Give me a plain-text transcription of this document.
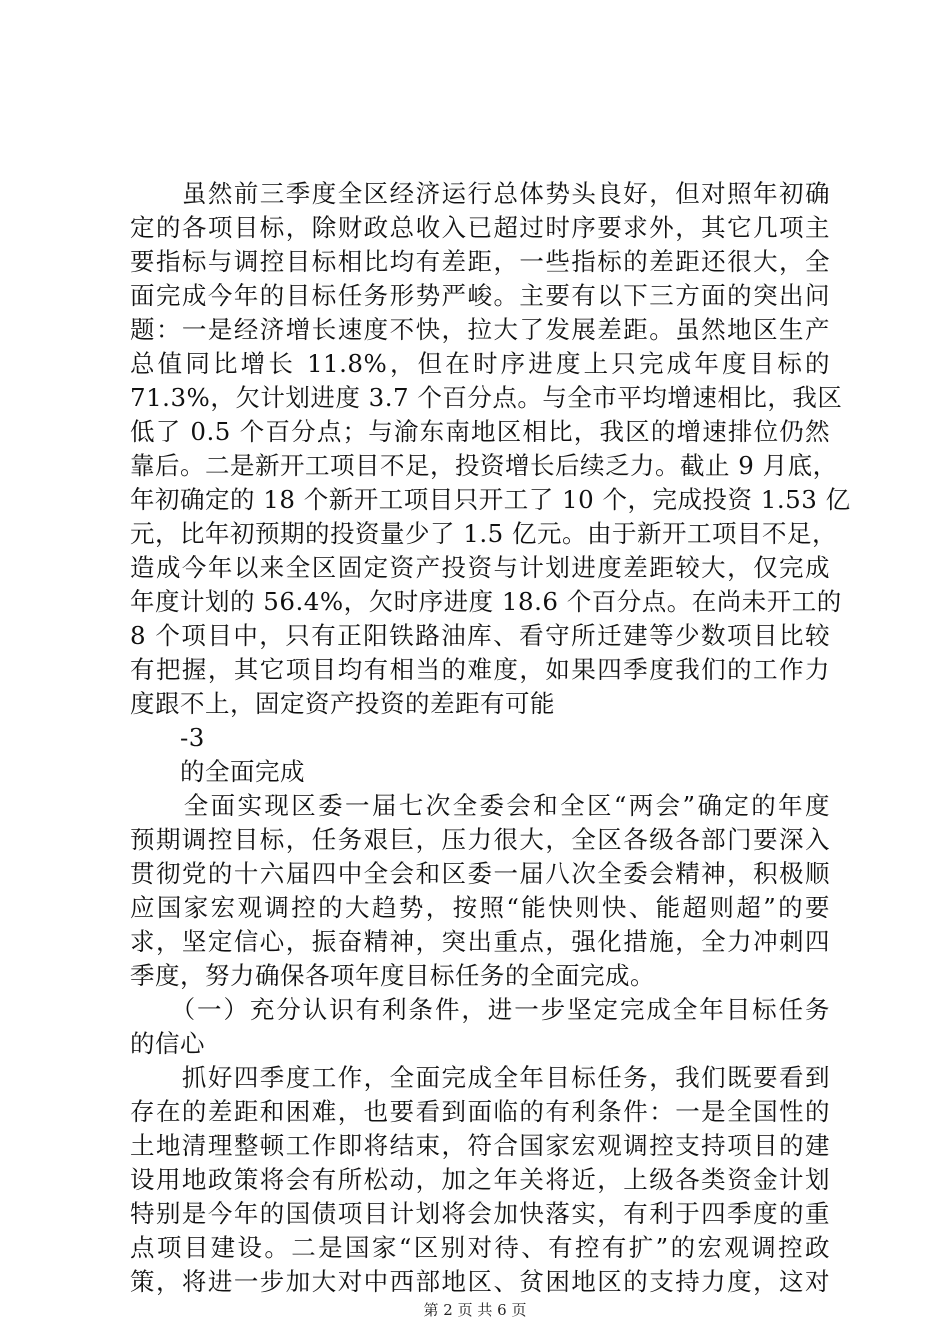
　　虽然前三季度全区经济运行总体势头良好，但对照年初确
定的各项目标，除财政总收入已超过时序要求外，其它几项主
要指标与调控目标相比均有差距，一些指标的差距还很大，全
面完成今年的目标任务形势严峻。主要有以下三方面的突出问
题：一是经济增长速度不快，拉大了发展差距。虽然地区生产
总值同比增长 11.8%，但在时序进度上只完成年度目标的
71.3%，欠计划进度 3.7 个百分点。与全市平均增速相比，我区
低了 0.5 个百分点；与渝东南地区相比，我区的增速排位仍然
靠后。二是新开工项目不足，投资增长后续乏力。截止 9 月底，
年初确定的 18 个新开工项目只开工了 10 个，完成投资 1.53 亿
元，比年初预期的投资量少了 1.5 亿元。由于新开工项目不足，
造成今年以来全区固定资产投资与计划进度差距较大，仅完成
年度计划的 56.4%，欠时序进度 18.6 个百分点。在尚未开工的
8 个项目中，只有正阳铁路油库、看守所迁建等少数项目比较
有把握，其它项目均有相当的难度，如果四季度我们的工作力
度跟不上，固定资产投资的差距有可能
　　-3
　　的全面完成
　　全面实现区委一届七次全委会和全区“两会”确定的年度
预期调控目标，任务艰巨，压力很大，全区各级各部门要深入
贯彻党的十六届四中全会和区委一届八次全委会精神，积极顺
应国家宏观调控的大趋势，按照“能快则快、能超则超”的要
求，坚定信心，振奋精神，突出重点，强化措施，全力冲刺四
季度，努力确保各项年度目标任务的全面完成。
　　（一）充分认识有利条件，进一步坚定完成全年目标任务
的信心
　　抓好四季度工作，全面完成全年目标任务，我们既要看到
存在的差距和困难，也要看到面临的有利条件：一是全国性的
土地清理整顿工作即将结束，符合国家宏观调控支持项目的建
设用地政策将会有所松动，加之年关将近，上级各类资金计划
特别是今年的国债项目计划将会加快落实，有利于四季度的重
点项目建设。二是国家“区别对待、有控有扩”的宏观调控政
策，将进一步加大对中西部地区、贫困地区的支持力度，这对
第 2 页 共 6 页
